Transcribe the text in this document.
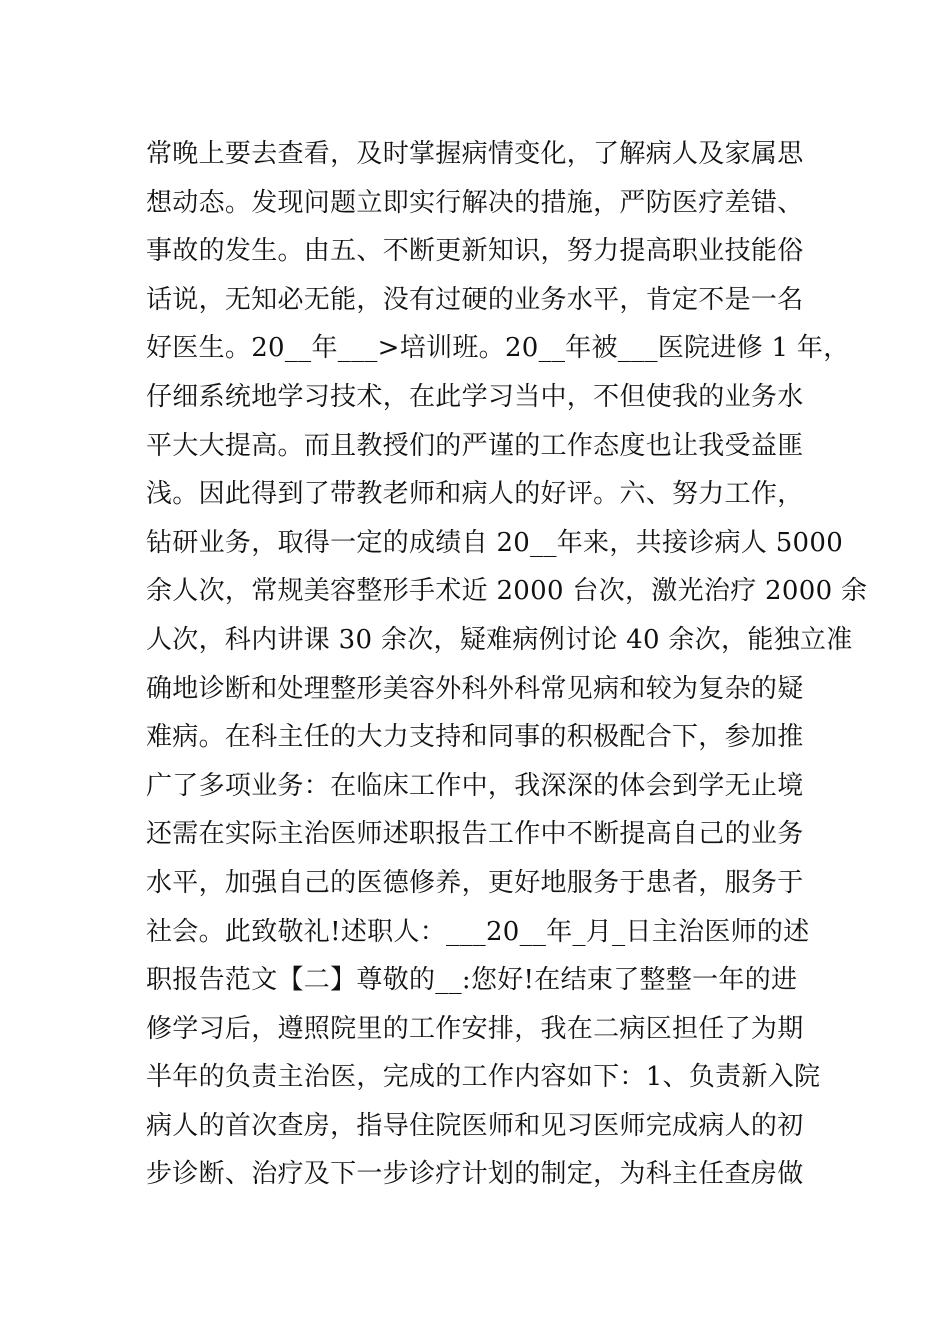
常晚上要去查看，及时掌握病情变化，了解病人及家属思
想动态。发现问题立即实行解决的措施，严防医疗差错、
事故的发生。由五、不断更新知识，努力提高职业技能俗
话说，无知必无能，没有过硬的业务水平，肯定不是一名
好医生。20__年___>培训班。20__年被___医院进修 1 年，
仔细系统地学习技术，在此学习当中，不但使我的业务水
平大大提高。而且教授们的严谨的工作态度也让我受益匪
浅。因此得到了带教老师和病人的好评。六、努力工作，
钻研业务，取得一定的成绩自 20__年来，共接诊病人 5000
余人次，常规美容整形手术近 2000 台次，激光治疗 2000 余
人次，科内讲课 30 余次，疑难病例讨论 40 余次，能独立准
确地诊断和处理整形美容外科外科常见病和较为复杂的疑
难病。在科主任的大力支持和同事的积极配合下，参加推
广了多项业务：在临床工作中，我深深的体会到学无止境
还需在实际主治医师述职报告工作中不断提高自己的业务
水平，加强自己的医德修养，更好地服务于患者，服务于
社会。此致敬礼!述职人：___20__年_月_日主治医师的述
职报告范文【二】尊敬的__:您好!在结束了整整一年的进
修学习后，遵照院里的工作安排，我在二病区担任了为期
半年的负责主治医，完成的工作内容如下：1、负责新入院
病人的首次查房，指导住院医师和见习医师完成病人的初
步诊断、治疗及下一步诊疗计划的制定，为科主任查房做
